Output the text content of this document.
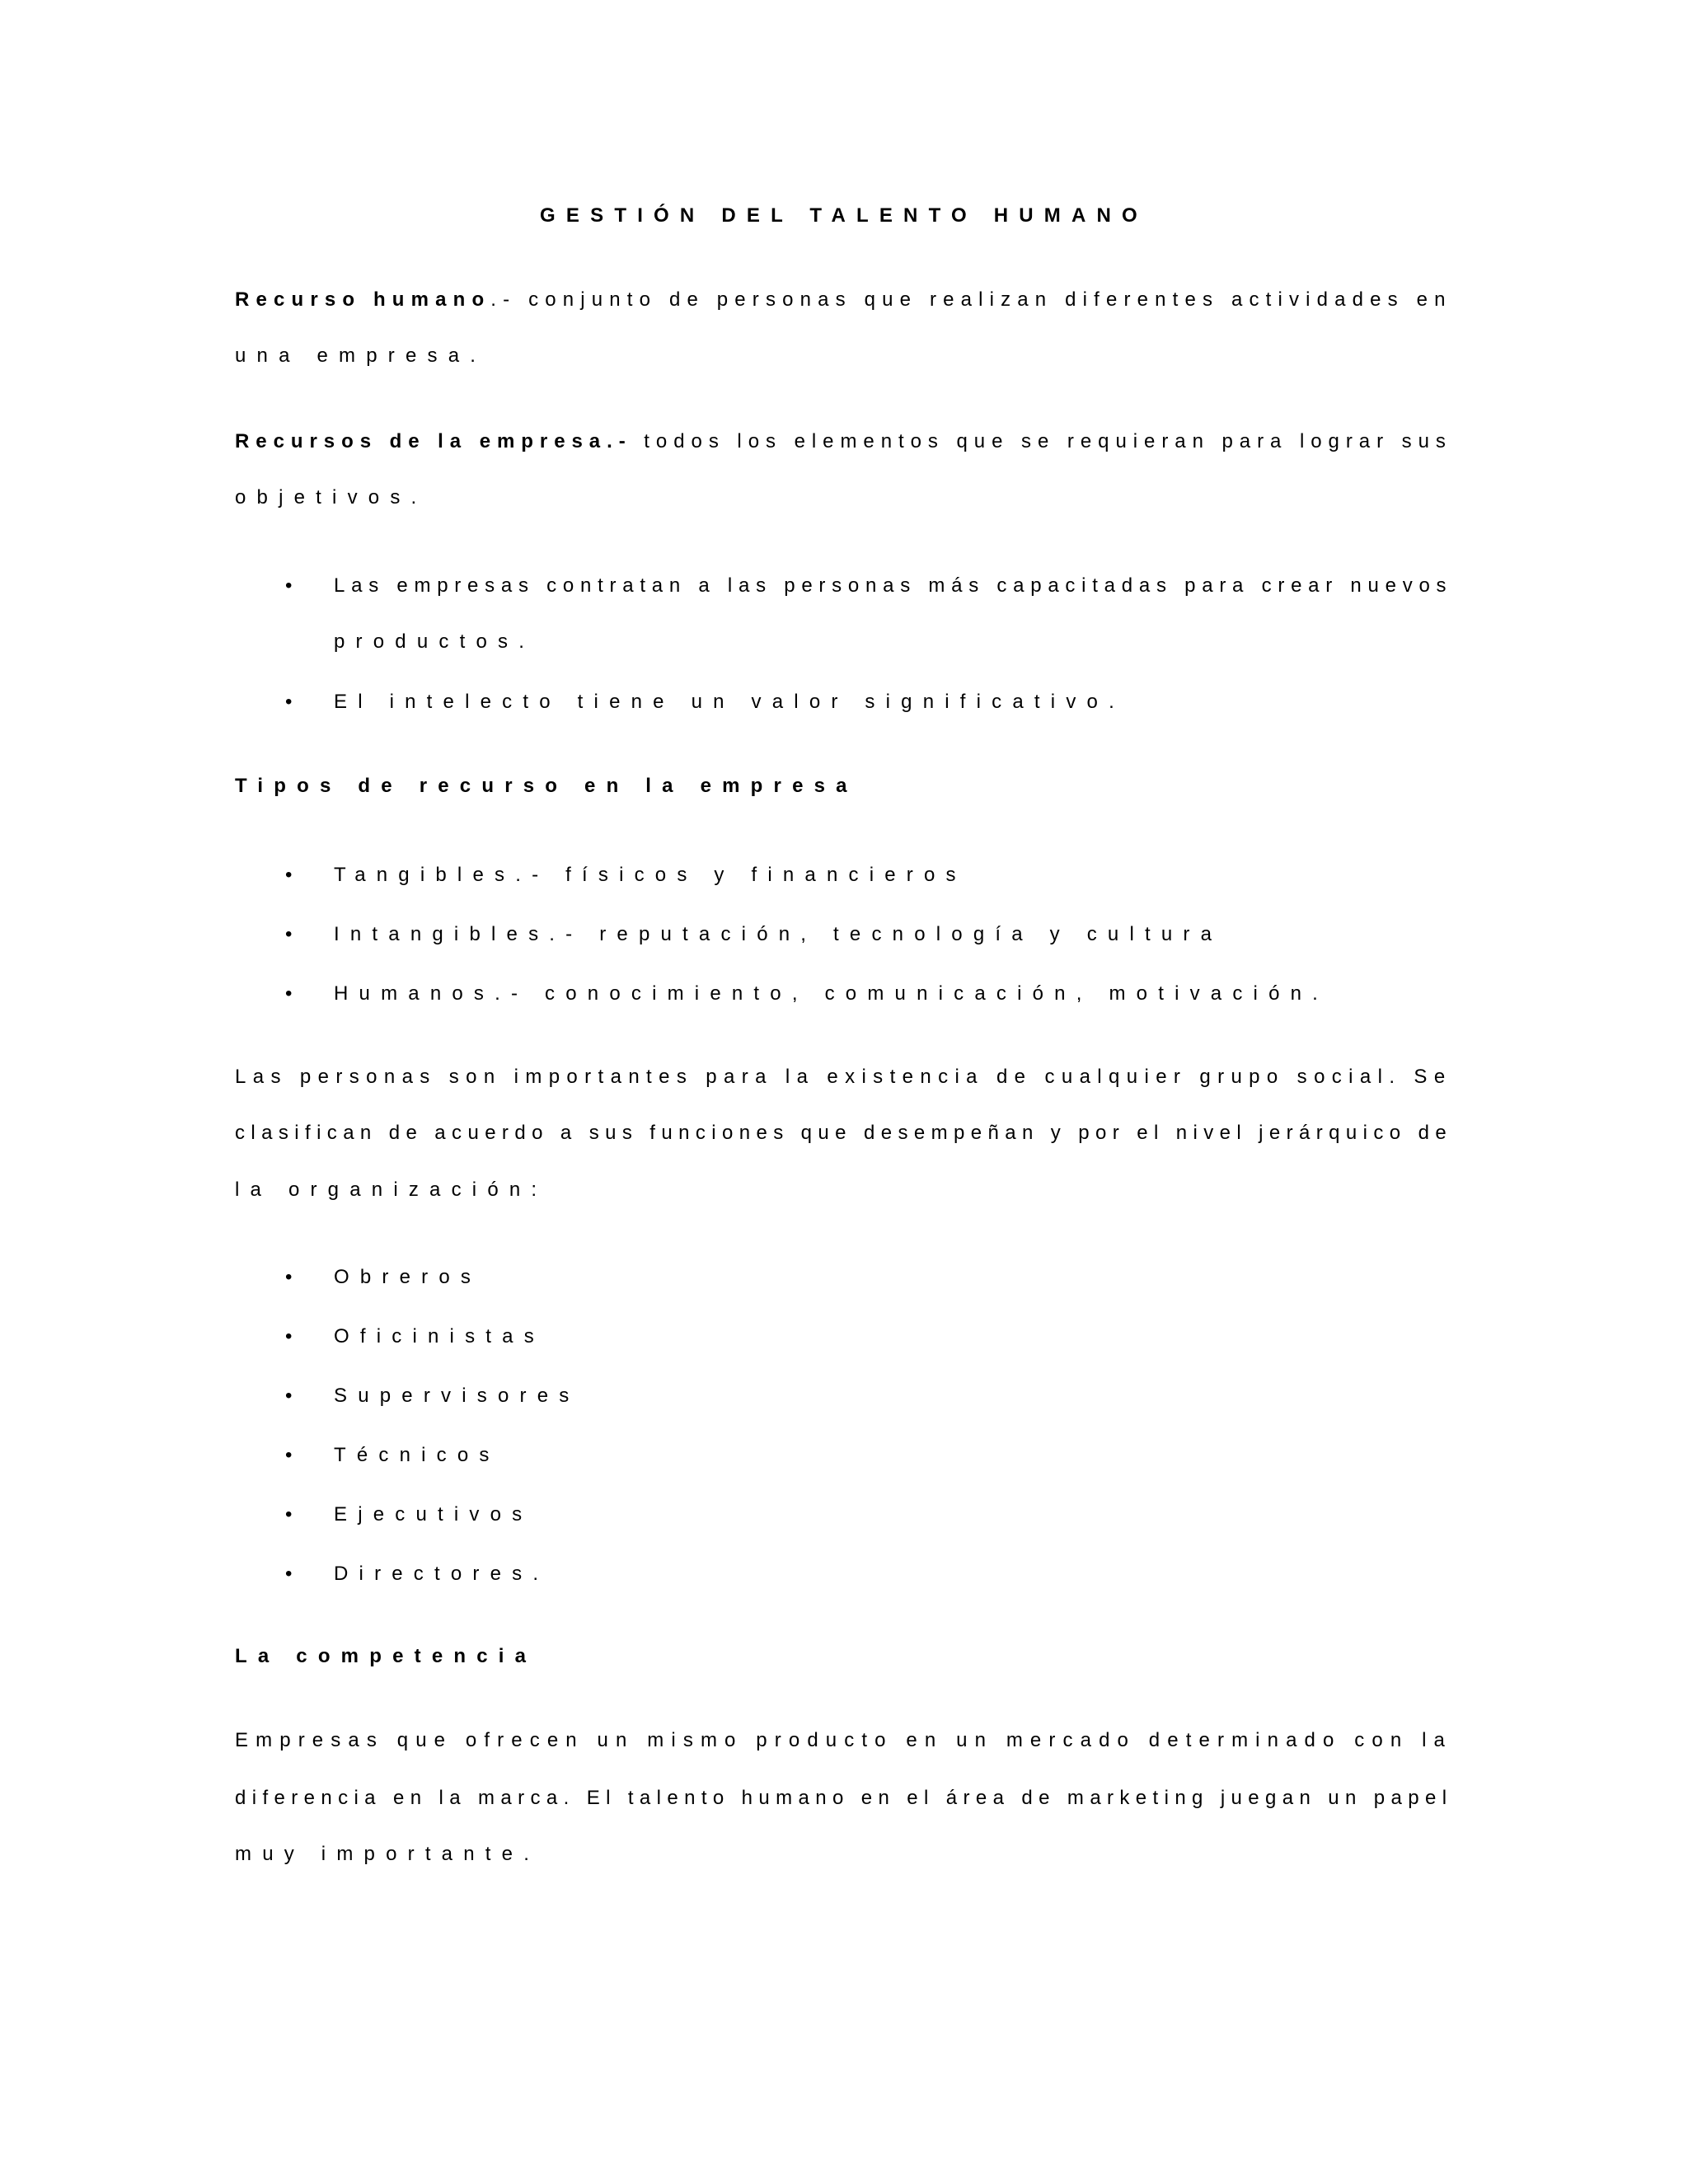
GESTIÓN DEL TALENTO HUMANO
Recurso humano.- conjunto de personas que realizan diferentes actividades en
una empresa.
Recursos de la empresa.- todos los elementos que se requieran para lograr sus
objetivos.
• Las empresas contratan a las personas más capacitadas para crear nuevos
productos.
• El intelecto tiene un valor significativo.
Tipos de recurso en la empresa
• Tangibles.- físicos y financieros
• Intangibles.- reputación, tecnología y cultura
• Humanos.- conocimiento, comunicación, motivación.
Las personas son importantes para la existencia de cualquier grupo social. Se
clasifican de acuerdo a sus funciones que desempeñan y por el nivel jerárquico de
la organización:
• Obreros
• Oficinistas
• Supervisores
• Técnicos
• Ejecutivos
• Directores.
La competencia
Empresas que ofrecen un mismo producto en un mercado determinado con la
diferencia en la marca. El talento humano en el área de marketing juegan un papel
muy importante.
